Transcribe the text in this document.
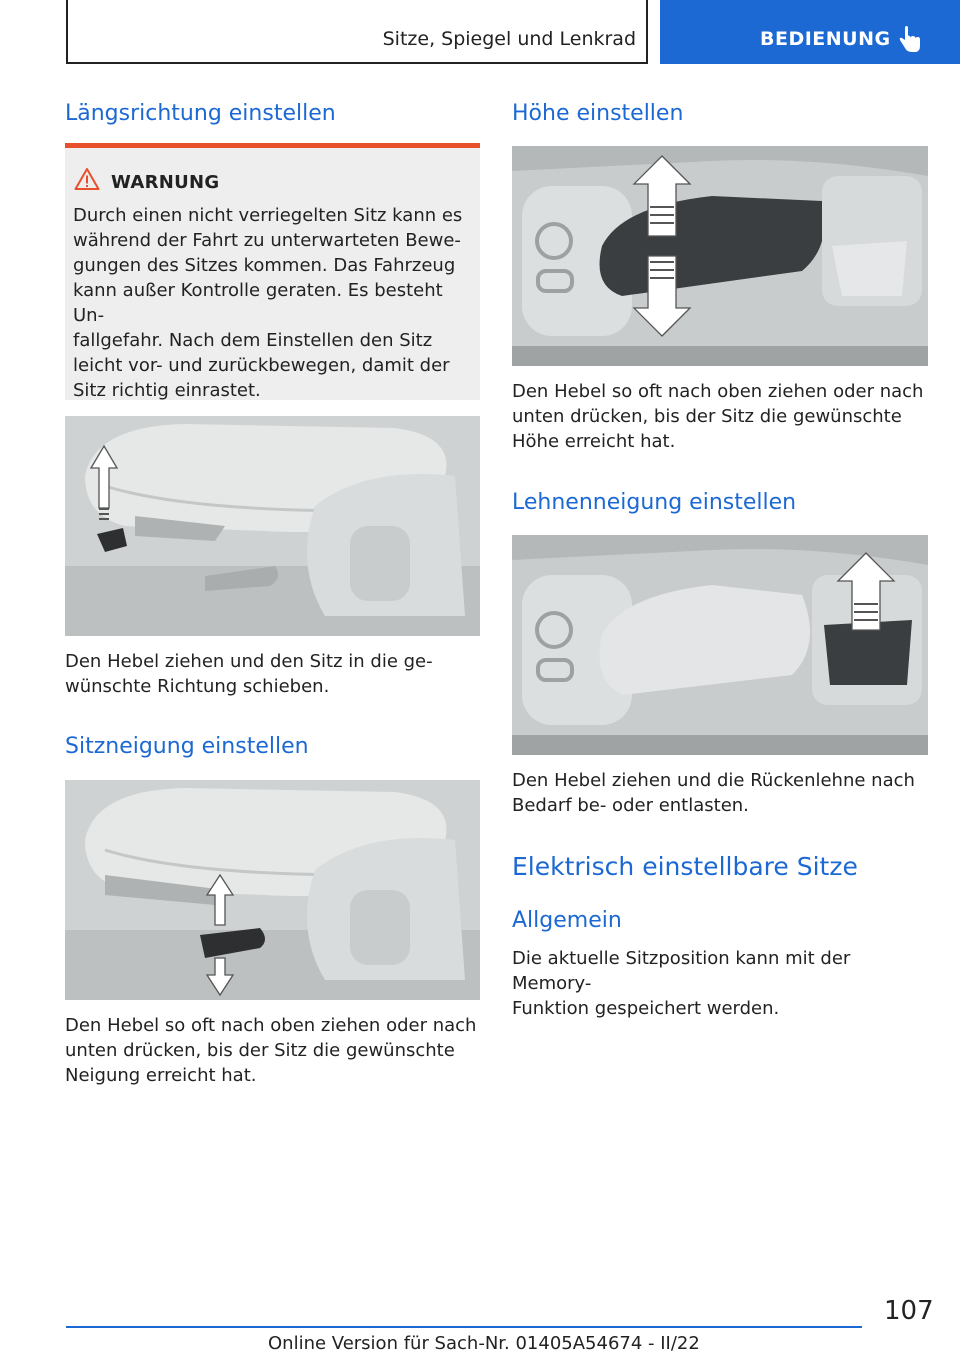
Sitze, Spiegel und Lenkrad	BEDIENUNG
Längsrichtung einstellen
WARNUNG

Durch einen nicht verriegelten Sitz kann es

während der Fahrt zu unterwarteten Bewe‐

gungen des Sitzes kommen. Das Fahrzeug

kann außer Kontrolle geraten. Es besteht Un‐

fallgefahr. Nach dem Einstellen den Sitz

leicht vor- und zurückbewegen, damit der

Sitz richtig einrastet.

Den Hebel ziehen und den Sitz in die ge‐

wünschte Richtung schieben.

Sitzneigung einstellen

Den Hebel so oft nach oben ziehen oder nach

unten drücken, bis der Sitz die gewünschte

Neigung erreicht hat.

Höhe einstellen

Den Hebel so oft nach oben ziehen oder nach

unten drücken, bis der Sitz die gewünschte

Höhe erreicht hat.

Lehnenneigung einstellen

Den Hebel ziehen und die Rückenlehne nach

Bedarf be- oder entlasten.

Elektrisch einstellbare Sitze
Allgemein

Die aktuelle Sitzposition kann mit der Memory-

Funktion gespeichert werden.

107
Online Version für Sach-Nr. 01405A54674 - II/22
